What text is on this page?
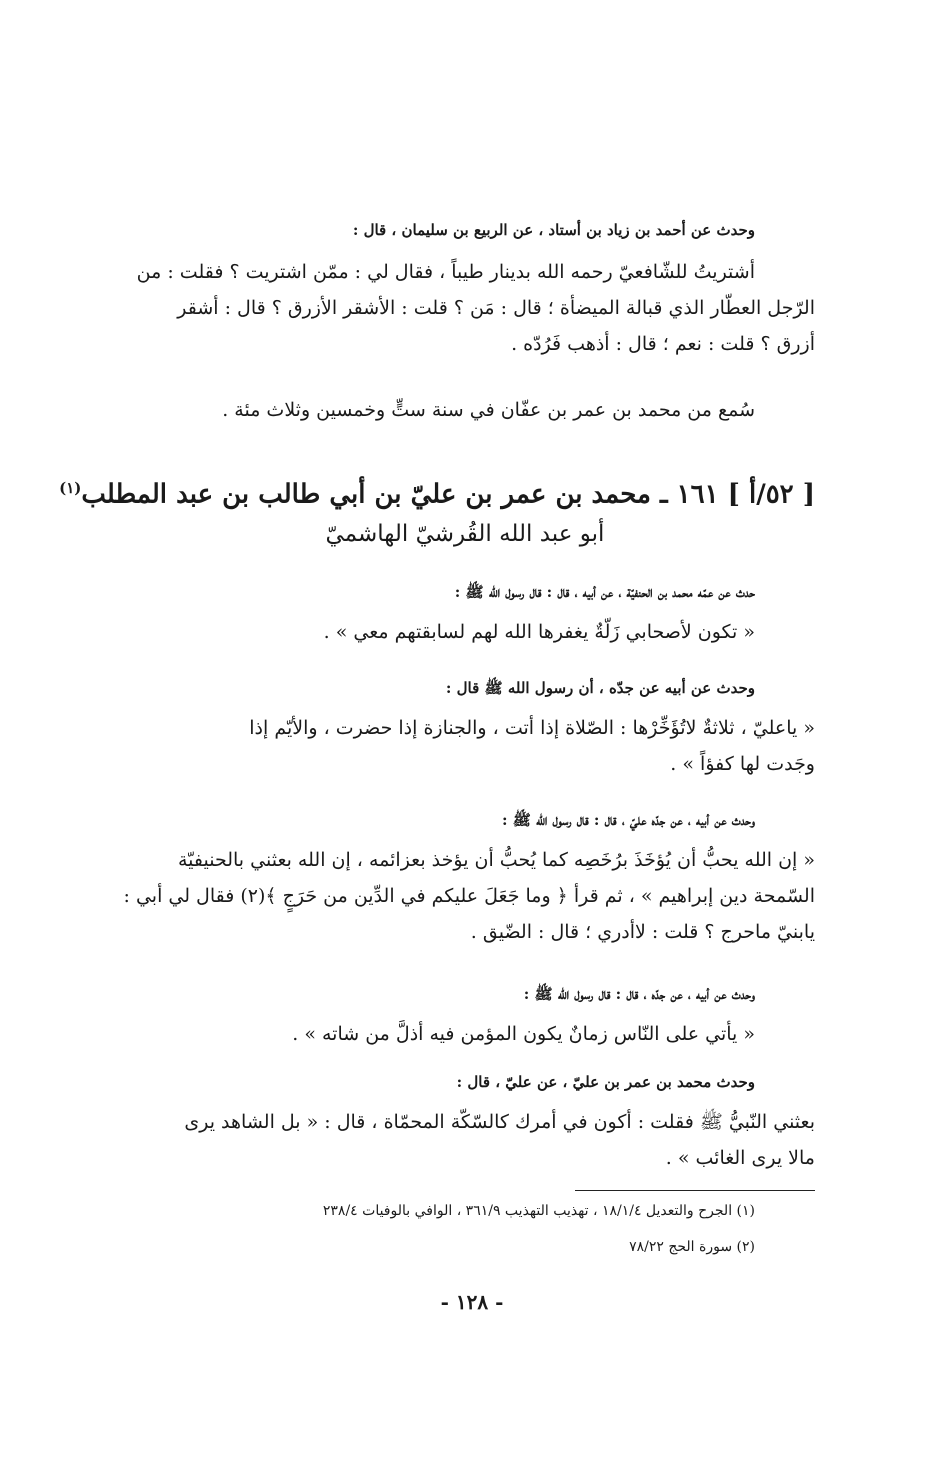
وحدث عن أحمد بن زياد بن أستاد ، عن الربيع بن سليمان ، قال :

أشتريتُ للشّافعيّ رحمه الله بدينار طيباً ، فقال لي : ممّن اشتريت ؟ فقلت : من
الرّجل العطّار الذي قبالة الميضأة ؛ قال : مَن ؟ قلت : الأشقر الأزرق ؟ قال : أشقر
أزرق ؟ قلت : نعم ؛ قال : أذهب فَرُدّه .
سُمع من محمد بن عمر بن عفّان في سنة ستٍّ وخمسين وثلاث مئة .
[ ٥٢/أ ] ١٦١ ـ محمد بن عمر بن عليّ بن أبي طالب بن عبد المطلب$^{(١)}$
أبو عبد الله القُرشيّ الهاشميّ

حدث عن عمّه محمد بن الحنفيّة ، عن أبيه ، قال : قال رسول الله ﷺ :

« تكون لأصحابي زَلّةٌ يغفرها الله لهم لسابقتهم معي » .

وحدث عن أبيه عن جدّه ، أن رسول الله ﷺ قال :

« ياعليّ ، ثلاثةٌ لاتُؤَخِّرْها : الصّلاة إذا أتت ، والجنازة إذا حضرت ، والأيّم إذا
وجَدت لها كفؤاً » .

وحدث عن أبيه ، عن جدّه عليّ ، قال : قال رسول الله ﷺ :

« إن الله يحبُّ أن يُؤخَذَ برُخَصِه كما يُحبُّ أن يؤخذ بعزائمه ، إن الله بعثني بالحنيفيّة
السّمحة دين إبراهيم » ، ثم قرأ ﴿ وما جَعَلَ عليكم في الدِّين من حَرَجٍ ﴾(٢) فقال لي أبي :
يابنيّ ماحرج ؟ قلت : لاأدري ؛ قال : الضّيق .

وحدث عن أبيه ، عن جدّه ، قال : قال رسول الله ﷺ :

« يأتي على النّاس زمانٌ يكون المؤمن فيه أذلَّ من شاته » .

وحدث محمد بن عمر بن عليّ ، عن عليّ ، قال :

بعثني النّبيُّ ﷺ فقلت : أكون في أمرك كالسّكّة المحمّاة ، قال : « بل الشاهد يرى
مالا يرى الغائب » .
(١) الجرح والتعديل ١٨/١/٤ ، تهذيب التهذيب ٣٦١/٩ ، الوافي بالوفيات ٢٣٨/٤
(٢) سورة الحج ٧٨/٢٢
- ١٢٨ -
